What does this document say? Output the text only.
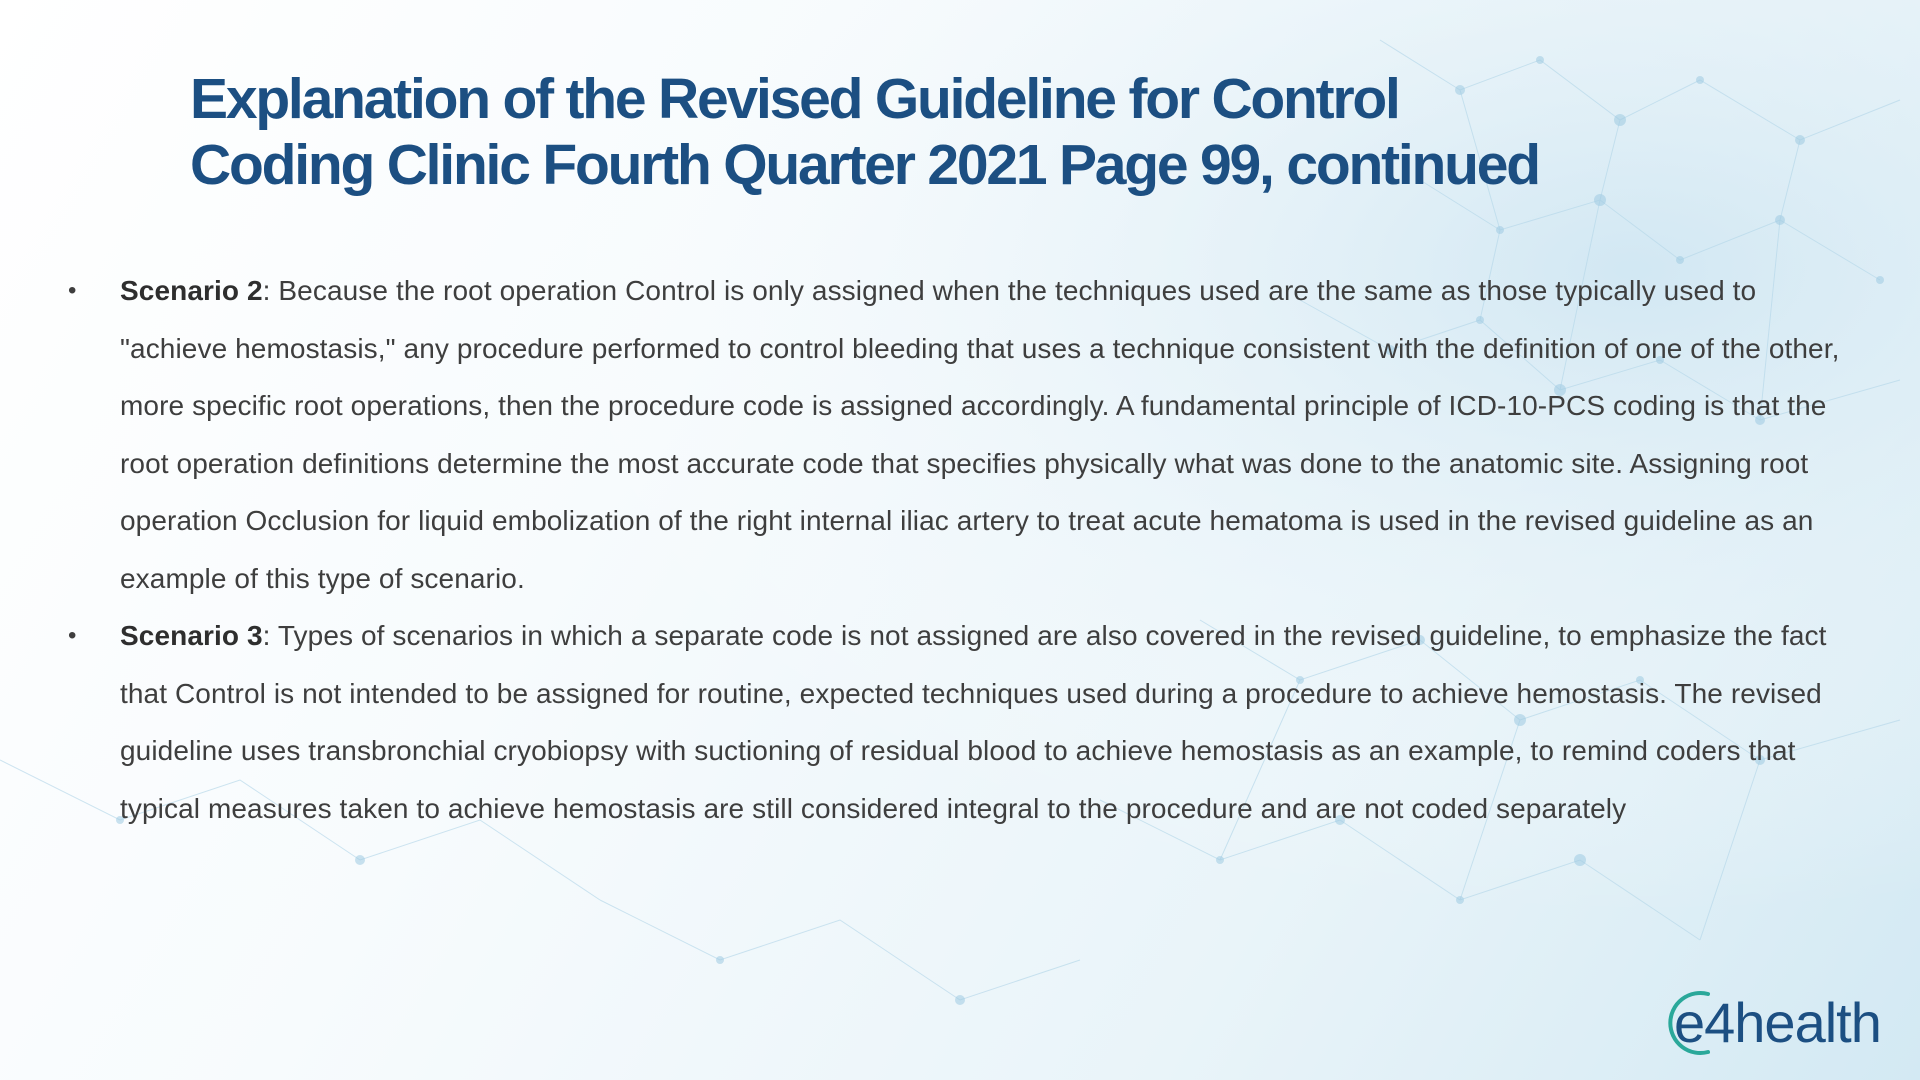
Explanation of the Revised Guideline for Control
Coding Clinic Fourth Quarter 2021 Page 99, continued
• Scenario 2: Because the root operation Control is only assigned when the techniques used are the same as those typically used to "achieve hemostasis," any procedure performed to control bleeding that uses a technique consistent with the definition of one of the other, more specific root operations, then the procedure code is assigned accordingly. A fundamental principle of ICD-10-PCS coding is that the root operation definitions determine the most accurate code that specifies physically what was done to the anatomic site. Assigning root operation Occlusion for liquid embolization of the right internal iliac artery to treat acute hematoma is used in the revised guideline as an example of this type of scenario.
• Scenario 3: Types of scenarios in which a separate code is not assigned are also covered in the revised guideline, to emphasize the fact that Control is not intended to be assigned for routine, expected techniques used during a procedure to achieve hemostasis. The revised guideline uses transbronchial cryobiopsy with suctioning of residual blood to achieve hemostasis as an example, to remind coders that typical measures taken to achieve hemostasis are still considered integral to the procedure and are not coded separately
e4health
